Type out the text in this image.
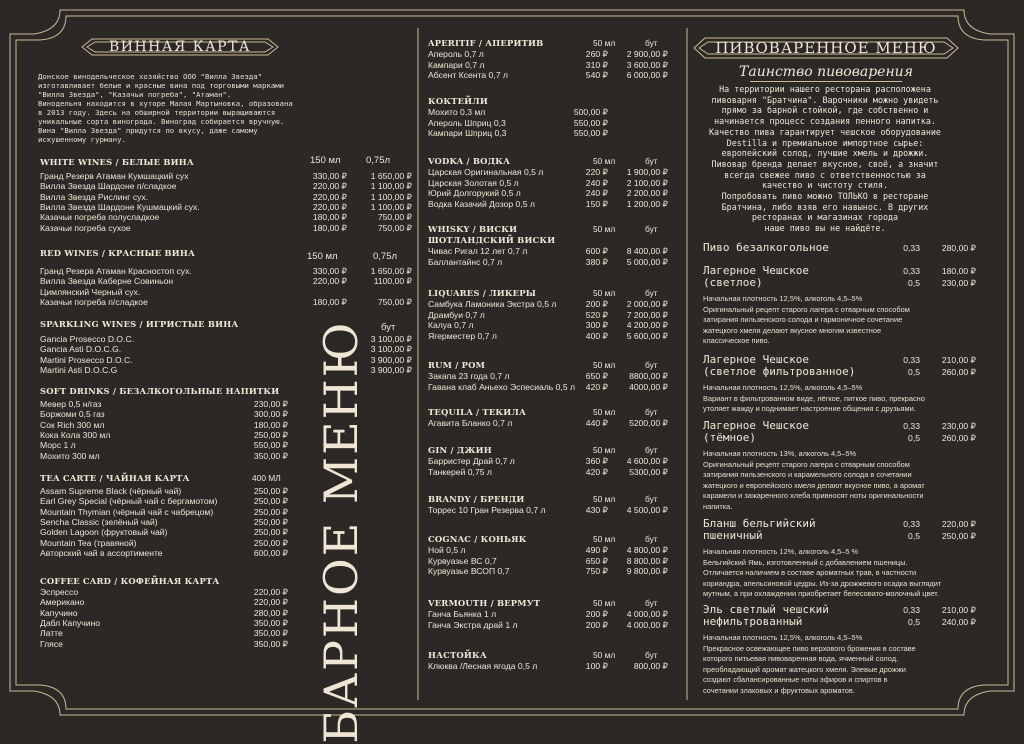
ВИННАЯ КАРТА
Донское винодельческое хозяйство ООО "Вилла Звезда"
изготавливает белые и красные вина под торговыми марками
"Вилла Звезда", "Казачьи погреба", "Атаман".
Винодельня находится в хуторе Малая Мартыновка, образована
в 2013 году. Здесь на обширной территории выращиваются
уникальные сорта винограда. Виноград собирается вручную.
Вина "Вилла Звезда" придутся по вкусу, даже самому
искушенному гурману.
WHITE WINES / БЕЛЫЕ ВИНА	150 мл	0,75л
Гранд Резерв Атаман Кумшацкий сух	330,00 ₽	1 650,00 ₽
Вилла Звезда Шардоне п/сладкое	220,00 ₽	1 100,00 ₽
Вилла Звезда Рислинг сух.	220,00 ₽	1 100,00 ₽
Вилла Звезда Шардоне Кушмацкий сух.	220,00 ₽	1 100,00 ₽
Казачьи погреба полусладкое	180,00 ₽	750,00 ₽
Казачьи погреба сухое	180,00 ₽	750,00 ₽
RED WINES / КРАСНЫЕ ВИНА	150 мл	0,75л
Гранд Резерв Атаман Красностоп сух.	330,00 ₽	1 650,00 ₽
Вилла Звезда Каберне Совиньон	220,00 ₽	1100,00 ₽
Цимлянский Черный сух.
Казачьи погреба п/сладкое	180,00 ₽	750,00 ₽
SPARKLING WINES / ИГРИСТЫЕ ВИНА	бут
Gancia Prosecco D.O.C.	3 100,00 ₽
Gancia Asti D.O.C.G.	3 100,00 ₽
Martini Prosecco D.O.C.	3 900,00 ₽
Martini Asti D.O.C.G	3 900,00 ₽
SOFT DRINKS / БЕЗАЛКОГОЛЬНЫЕ НАПИТКИ
Мевер 0,5 н/газ	230,00 ₽
Боржоми 0,5 газ	300,00 ₽
Сок Rich 300 мл	180,00 ₽
Кока Кола 300 мл	250,00 ₽
Морс 1 л	550,00 ₽
Мохито 300 мл	350,00 ₽
TEA CARTE / ЧАЙНАЯ КАРТА	400 МЛ
Assam Supreme Black (чёрный чай)	250,00 ₽
Earl Grey Special (чёрный чай с бергамотом)	250,00 ₽
Mountain Thymian (чёрный чай с чабрецом)	250,00 ₽
Sencha Classic (зелёный чай)	250,00 ₽
Golden Lagoon (фруктовый чай)	250,00 ₽
Mountain Tea (травяной)	250,00 ₽
Авторский чай в ассортименте	600,00 ₽
COFFEE CARD / КОФЕЙНАЯ КАРТА
Эспрессо	220,00 ₽
Американо	220,00 ₽
Капучино	280,00 ₽
Дабл Капучино	350,00 ₽
Латте	350,00 ₽
Глясе	350,00 ₽ БАРНОЕ МЕНЮ
APERITIF / АПЕРИТИВ	50 мл	бут
Апероль 0,7 л	260 ₽ 2 900,00 ₽
Кампари 0,7 л	310 ₽ 3 600,00 ₽
Абсент Ксента 0,7 л	540 ₽ 6 000,00 ₽
КОКТЕЙЛИ
Мохито 0,3 мл	500,00 ₽
Апероль Шприц 0,3	550,00 ₽
Кампари Шприц 0,3	550,00 ₽
VODKA / ВОДКА	50 мл	бут
Царская Оригинальная 0,5 л	220 ₽ 1 900,00 ₽
Царская Золотая 0,5 л	240 ₽ 2 100,00 ₽
Юрий Долгорукий 0,5 л	240 ₽ 2 200,00 ₽
Водка Казачий Дозор 0,5 л	150 ₽ 1 200,00 ₽
WHISKY / ВИСКИ	50 мл	бут
ШОТЛАНДСКИЙ ВИСКИ
Чивас Ригал 12 лет 0,7 л	600 ₽ 8 400,00 ₽
Баллантайнс 0,7 л	380 ₽ 5 000,00 ₽
LIQUARES / ЛИКЕРЫ	50 мл	бут
Самбука Ламоника Экстра 0,5 л	200 ₽ 2 000,00 ₽
Драмбуи 0,7 л	520 ₽ 7 200,00 ₽
Калуа 0,7 л	300 ₽ 4 200,00 ₽
Ягерместер 0,7 л	400 ₽ 5 600,00 ₽
RUM / РОМ	50 мл	бут
Закапа 23 года 0,7 л	650 ₽ 8800,00 ₽
Гавана клаб Аньехо Эспесиаль 0,5 л 420 ₽ 4000,00 ₽
TEQUILA / ТЕКИЛА	50 мл	бут
Агавита Бланко 0,7 л	440 ₽ 5200,00 ₽
GIN / ДЖИН	50 мл	бут
Барристер Драй 0,7 л	360 ₽ 4 600,00 ₽
Танкерей 0,75 л	420 ₽ 5300,00 ₽
BRANDY / БРЕНДИ	50 мл	бут
Торрес 10 Гран Резерва 0,7 л	430 ₽ 4 500,00 ₽
COGNAC / КОНЬЯК	50 мл	бут
Ной 0,5 л	490 ₽ 4 800,00 ₽
Курвуазье ВС 0,7	650 ₽ 8 800,00 ₽
Курвуазье ВСОП 0,7	750 ₽ 9 800,00 ₽
VERMOUTH / ВЕРМУТ	50 мл	бут
Ганча Бьянка 1 л	200 ₽ 4 000,00 ₽
Ганча Экстра драй 1 л	200 ₽ 4 000,00 ₽
НАСТОЙКА	50 мл	бут
Клюква /Лесная ягода 0,5 л	100 ₽	800,00 ₽
ПИВОВАРЕННОЕ МЕНЮ
Таинство пивоварения
На территории нашего ресторана расположена
пивоварня "Братчина". Варочники можно увидеть
прямо за барной стойкой, где собственно и
начинается процесс создания пенного напитка.
Качество пива гарантирует чешское оборудование
Destilla и премиальное импортное сырье:
европейский солод, лучшие хмель и дрожжи.
Пивовар бренда делает вкусное, своё, а значит
всегда свежее пиво с ответственностью за
качество и чистоту стиля.
Попробовать пиво можно ТОЛЬКО в ресторане
Братчина, либо взяв его навынос. В других
ресторанах и магазинах города
наше пиво вы не найдёте.
Пиво безалкогольное	0,33	280,00 ₽
Лагерное Чешское
(светлое)
0,33	180,00 ₽
0,5	230,00 ₽
Начальная плотность 12,5%, алкоголь 4,5–5%
Оригинальный рецепт старого лагера с отварным способом
затирания пильзенского солода и гармоничное сочетание
жатецкого хмеля делают вкусное многим известное
классическое пиво.
Лагерное Чешское
(светлое фильтрованное)
0,33	210,00 ₽
0,5	260,00 ₽
Начальная плотность 12,5%, алкоголь 4,5–5%
Вариант в фильтрованном виде, лёгкое, питкое пиво, прекрасно
утоляет жажду и поднимает настроение общения с друзьями.
Лагерное Чешское
(тёмное)
0,33	230,00 ₽
0,5	260,00 ₽
Начальная плотность 13%, алкоголь 4,5–5%
Оригинальный рецепт старого лагера с отварным способом
затирания пильзенского и карамельного солода в сочетании
жатецкого и европейского хмеля делают вкусное пиво, а аромат
карамели и зажаренного хлеба привносят ноты оригинальности
напитка.
Бланш бельгийский
пшеничный
0,33	220,00 ₽
0,5	250,00 ₽
Начальная плотность 12%, алкоголь 4,5–5 %
Бельгийский Ямь, изготовленный с добавлением пшеницы.
Отличается наличием в составе ароматных трав, в частности
кориандра, апельсиновой цедры. Из-за дрожжевого осадка выглядит
мутным, а при охлаждении приобретает белесовато-молочный цвет.
Эль светлый чешский
нефильтрованный
0,33	210,00 ₽
0,5	240,00 ₽
Начальная плотность 12,5%, алкоголь 4,5–5%
Прекрасное освежающее пиво верхового брожения в составе
которого питьевая пивоваренная вода, ячменный солод,
преобладающий аромат жатецкого хмеля. Элевые дрожжи
создают сбалансированные ноты эфиров и спиртов в
сочетании злаковых и фруктовых ароматов.
